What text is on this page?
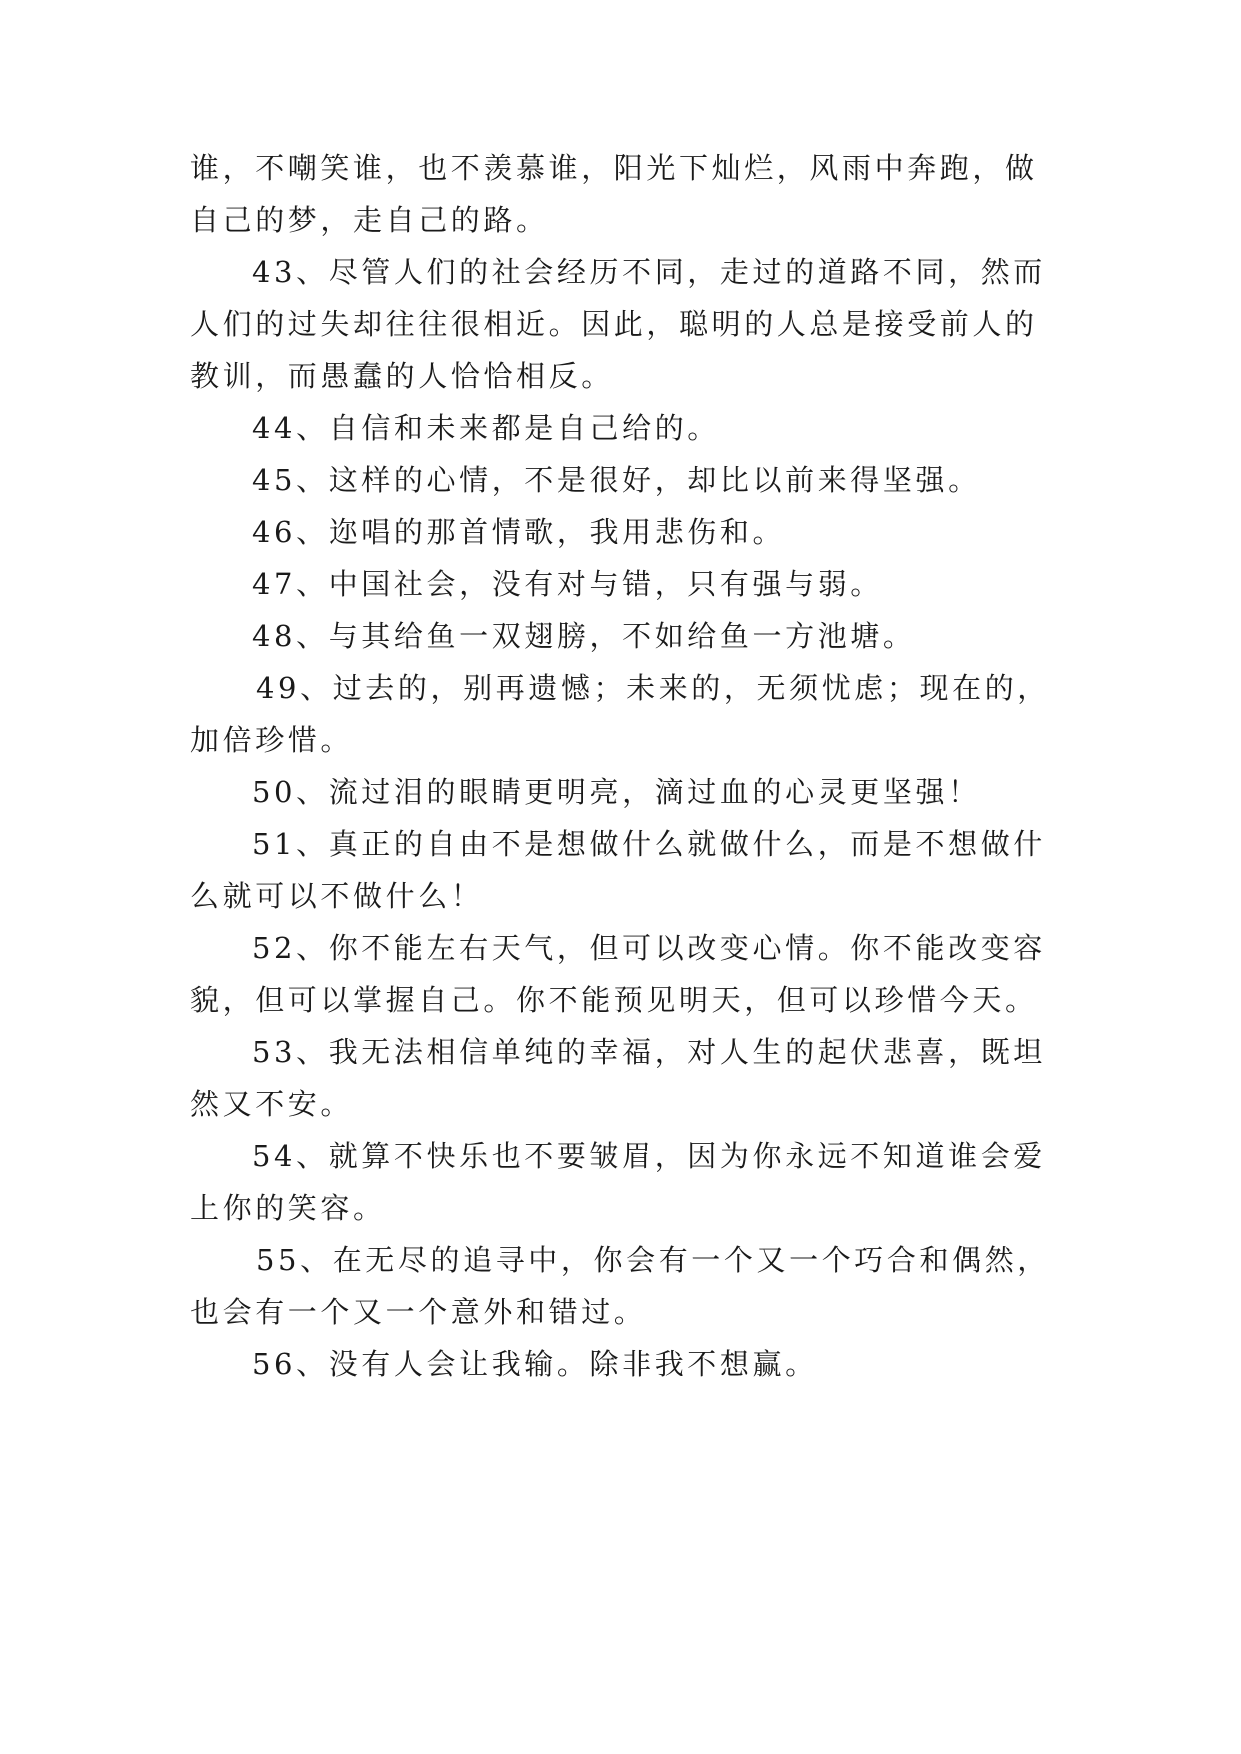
谁，不嘲笑谁，也不羡慕谁，阳光下灿烂，风雨中奔跑，做
自己的梦，走自己的路。
43、尽管人们的社会经历不同，走过的道路不同，然而
人们的过失却往往很相近。因此，聪明的人总是接受前人的
教训，而愚蠢的人恰恰相反。
44、自信和未来都是自己给的。
45、这样的心情，不是很好，却比以前来得坚强。
46、迩唱的那首情歌，我用悲伤和。
47、中国社会，没有对与错，只有强与弱。
48、与其给鱼一双翅膀，不如给鱼一方池塘。
49、过去的，别再遗憾；未来的，无须忧虑；现在的，
加倍珍惜。
50、流过泪的眼睛更明亮，滴过血的心灵更坚强！
51、真正的自由不是想做什么就做什么，而是不想做什
么就可以不做什么！
52、你不能左右天气，但可以改变心情。你不能改变容
貌，但可以掌握自己。你不能预见明天，但可以珍惜今天。
53、我无法相信单纯的幸福，对人生的起伏悲喜，既坦
然又不安。
54、就算不快乐也不要皱眉，因为你永远不知道谁会爱
上你的笑容。
55、在无尽的追寻中，你会有一个又一个巧合和偶然，
也会有一个又一个意外和错过。
56、没有人会让我输。除非我不想赢。
